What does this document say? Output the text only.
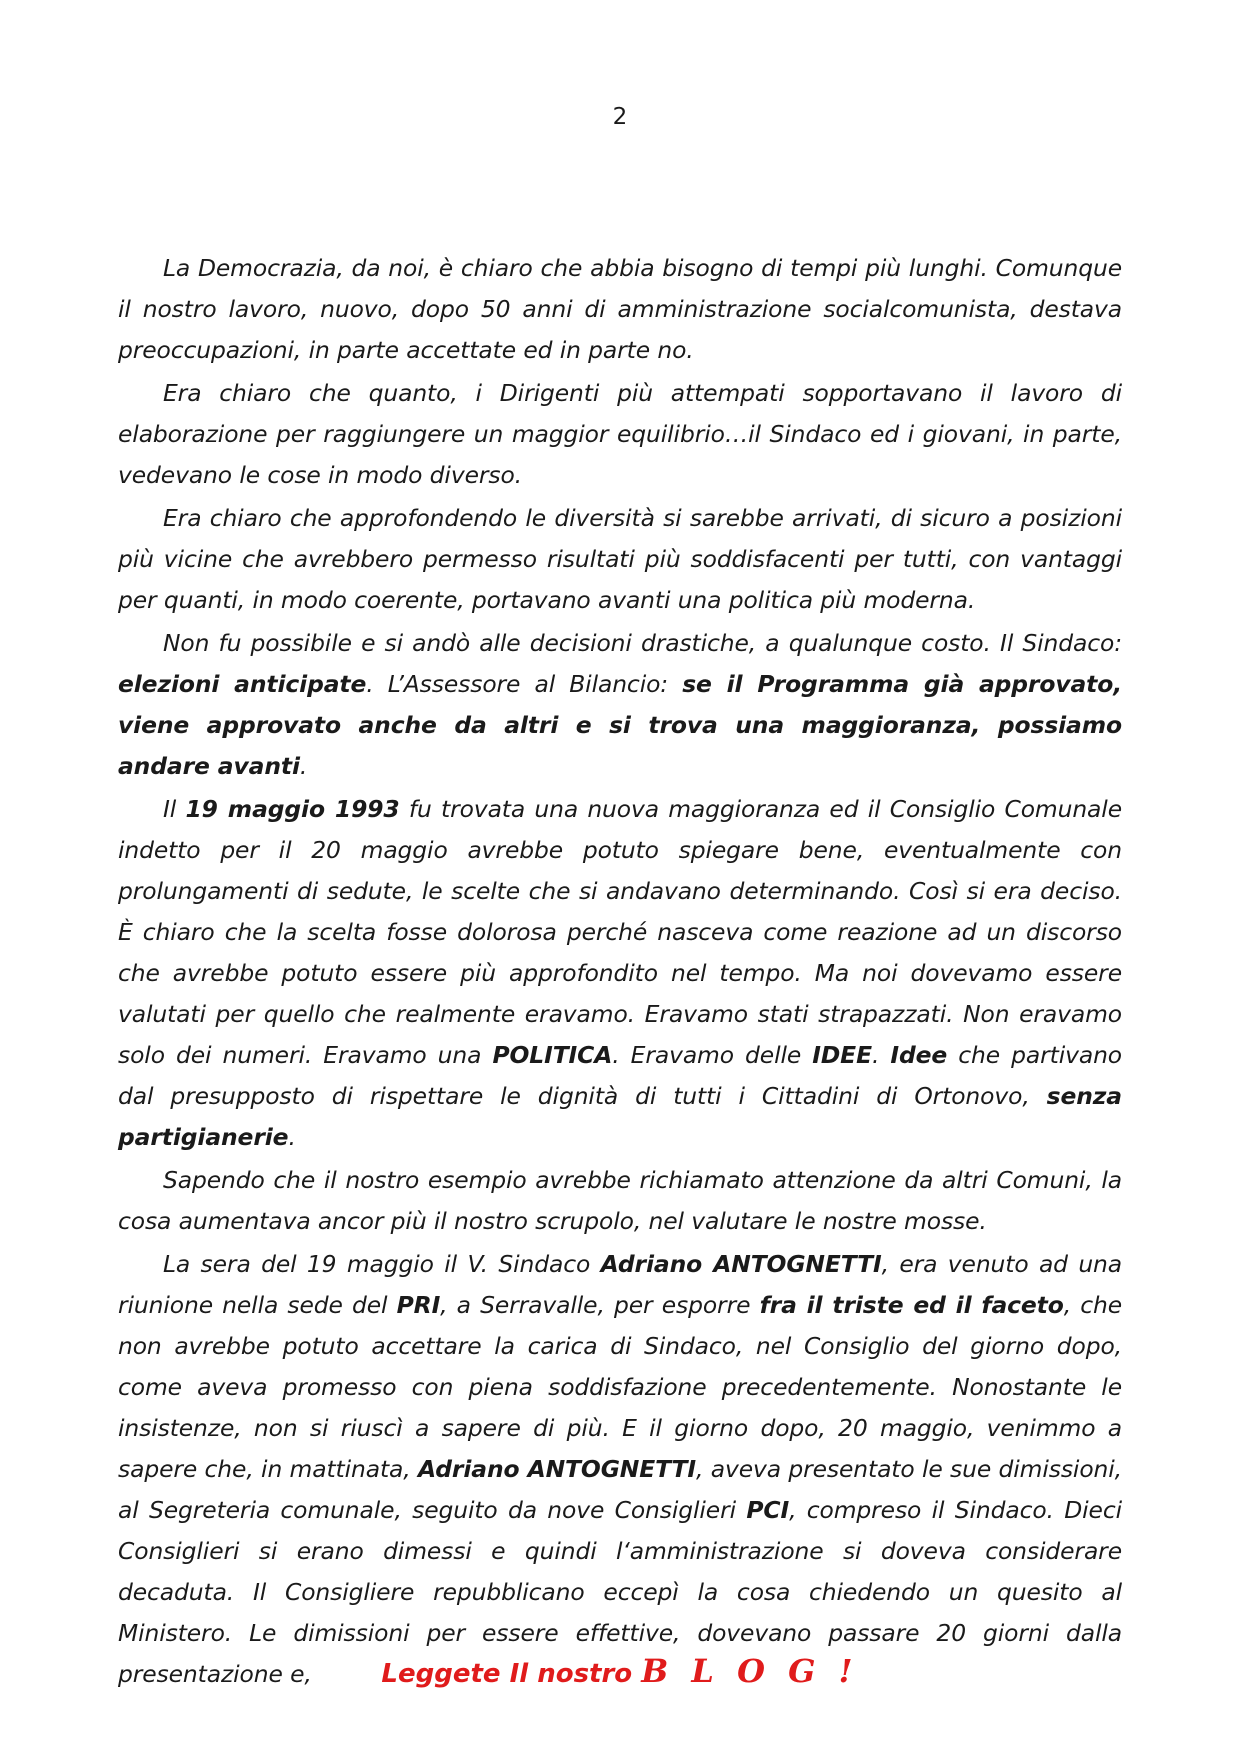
2

La Democrazia, da noi, è chiaro che abbia bisogno di tempi più lunghi. Comunque il nostro lavoro, nuovo, dopo 50 anni di amministrazione socialcomunista, destava preoccupazioni, in parte accettate ed in parte no.

Era chiaro che quanto, i Dirigenti più attempati sopportavano il lavoro di elaborazione per raggiungere un maggior equilibrio…il Sindaco ed i giovani, in parte, vedevano le cose in modo diverso.

Era chiaro che approfondendo le diversità si sarebbe arrivati, di sicuro a posizioni più vicine che avrebbero permesso risultati più soddisfacenti per tutti, con vantaggi per quanti, in modo coerente, portavano avanti una politica più moderna.

Non fu possibile e si andò alle decisioni drastiche, a qualunque costo. Il Sindaco: elezioni anticipate. L’Assessore al Bilancio: se il Programma già approvato, viene approvato anche da altri e si trova una maggioranza, possiamo andare avanti.

Il 19 maggio 1993 fu trovata una nuova maggioranza ed il Consiglio Comunale indetto per il 20 maggio avrebbe potuto spiegare bene, eventualmente con prolungamenti di sedute, le scelte che si andavano determinando. Così si era deciso. È chiaro che la scelta fosse dolorosa perché nasceva come reazione ad un discorso che avrebbe potuto essere più approfondito nel tempo. Ma noi dovevamo essere valutati per quello che realmente eravamo. Eravamo stati strapazzati. Non eravamo solo dei numeri. Eravamo una POLITICA. Eravamo delle IDEE. Idee che partivano dal presupposto di rispettare le dignità di tutti i Cittadini di Ortonovo, senza partigianerie.

Sapendo che il nostro esempio avrebbe richiamato attenzione da altri Comuni, la cosa aumentava ancor più il nostro scrupolo, nel valutare le nostre mosse.

La sera del 19 maggio il V. Sindaco Adriano ANTOGNETTI, era venuto ad una riunione nella sede del PRI, a Serravalle, per esporre fra il triste ed il faceto, che non avrebbe potuto accettare la carica di Sindaco, nel Consiglio del giorno dopo, come aveva promesso con piena soddisfazione precedentemente. Nonostante le insistenze, non si riuscì a sapere di più. E il giorno dopo, 20 maggio, venimmo a sapere che, in mattinata, Adriano ANTOGNETTI, aveva presentato le sue dimissioni, al Segreteria comunale, seguito da nove Consiglieri PCI, compreso il Sindaco. Dieci Consiglieri si erano dimessi e quindi l‘amministrazione si doveva considerare decaduta. Il Consigliere repubblicano eccepì la cosa chiedendo un quesito al Ministero. Le dimissioni per essere effettive, dovevano passare 20 giorni dalla presentazione e,	Leggete Il nostro B L O G !
